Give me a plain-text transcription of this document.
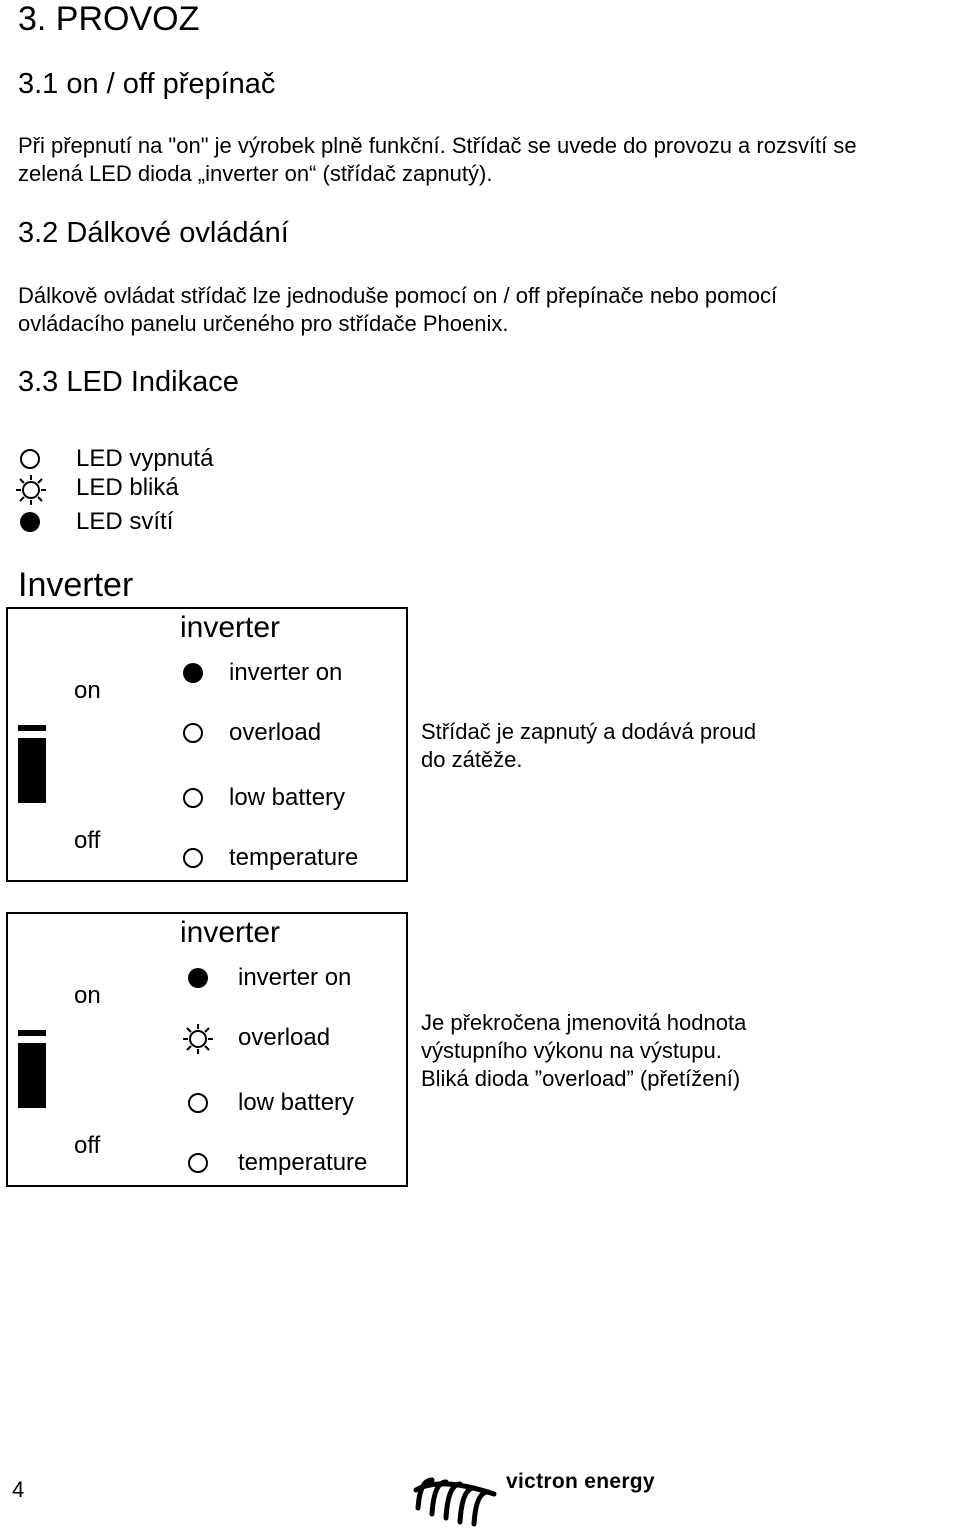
3. PROVOZ
3.1 on / off přepínač
Při přepnutí na "on" je výrobek plně funkční. Střídač se uvede do provozu a rozsvítí se
zelená LED dioda „inverter on“ (střídač zapnutý).
3.2 Dálkové ovládání
Dálkově ovládat střídač lze jednoduše pomocí on / off přepínače nebo pomocí
ovládacího panelu určeného pro střídače Phoenix.
3.3 LED Indikace
LED vypnutá
LED bliká
LED svítí
Inverter
inverter
on
off
inverter on
overload
low battery
temperature
Střídač je zapnutý a dodává proud
do zátěže.
inverter
on
off
inverter on
overload
low battery
temperature
Je překročena jmenovitá hodnota
výstupního výkonu na výstupu.
Bliká dioda ”overload” (přetížení)
4	victron energy
